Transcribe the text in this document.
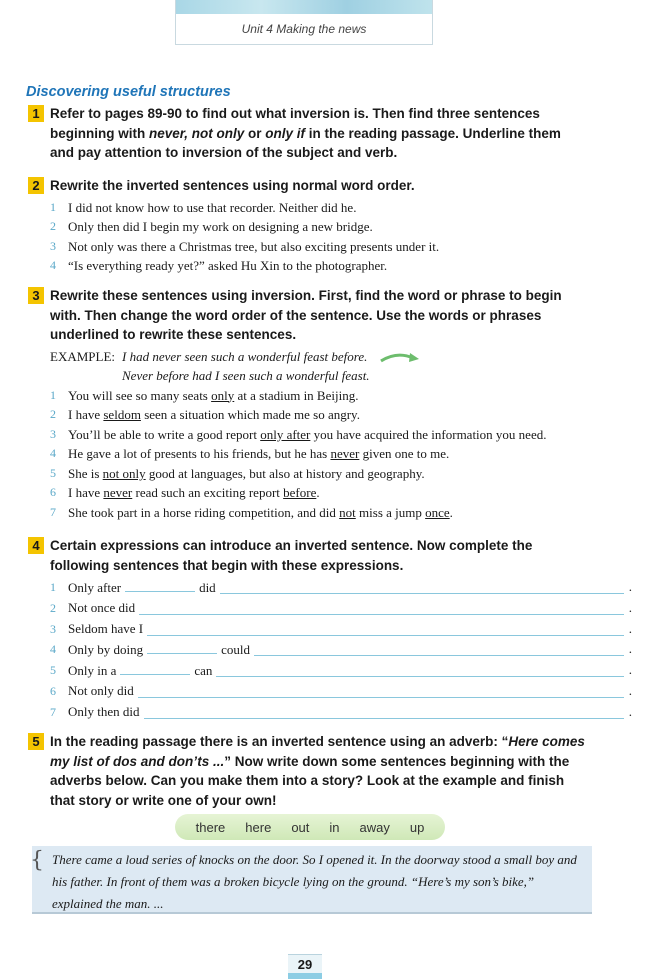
Unit 4 Making the news
Discovering useful structures
1 Refer to pages 89-90 to find out what inversion is. Then find three sentences
beginning with never, not only or only if in the reading passage. Underline them
and pay attention to inversion of the subject and verb.
2 Rewrite the inverted sentences using normal word order.
1 I did not know how to use that recorder. Neither did he.
2 Only then did I begin my work on designing a new bridge.
3 Not only was there a Christmas tree, but also exciting presents under it.
4 “Is everything ready yet?” asked Hu Xin to the photographer.
3 Rewrite these sentences using inversion. First, find the word or phrase to begin
with. Then change the word order of the sentence. Use the words or phrases
underlined to rewrite these sentences.
EXAMPLE: I had never seen such a wonderful feast before.
Never before had I seen such a wonderful feast.
1 You will see so many seats only at a stadium in Beijing.
2 I have seldom seen a situation which made me so angry.
3 You’ll be able to write a good report only after you have acquired the information you need.
4 He gave a lot of presents to his friends, but he has never given one to me.
5 She is not only good at languages, but also at history and geography.
6 I have never read such an exciting report before.
7 She took part in a horse riding competition, and did not miss a jump once.
4 Certain expressions can introduce an inverted sentence. Now complete the
following sentences that begin with these expressions.
1 Only after	did	.
2 Not once did	.
3 Seldom have I	.
4 Only by doing	could	.
5 Only in a	can	.
6 Not only did	.
7 Only then did	.
5 In the reading passage there is an inverted sentence using an adverb: “Here comes
my list of dos and don’ts ...” Now write down some sentences beginning with the
adverbs below. Can you make them into a story? Look at the example and finish
that story or write one of your own!
there here out in away up
{ There came a loud series of knocks on the door. So I opened it. In the doorway stood a small boy and his father. In front of them was a broken bicycle lying on the ground. “Here’s my son’s bike,” explained the man. ...
29
